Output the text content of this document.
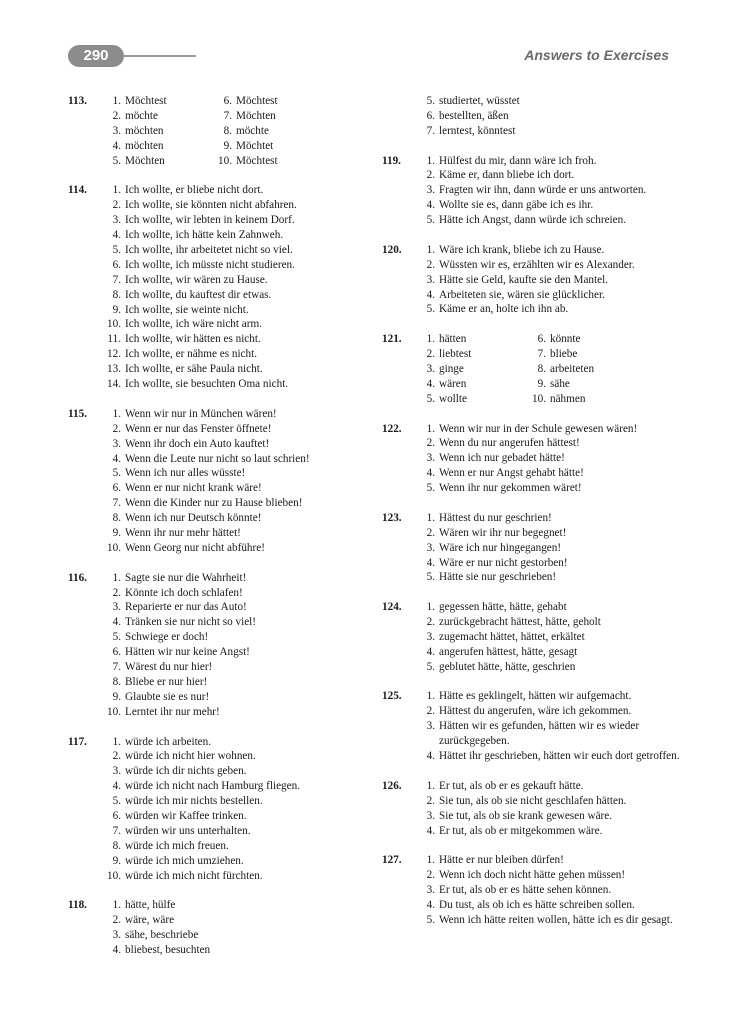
290	Answers to Exercises
113.	1. Möchtest	6. Möchtest
2. möchte	7. Möchten
3. möchten	8. möchte
4. möchten	9. Möchtet
5. Möchten	10. Möchtest
114.	1. Ich wollte, er bliebe nicht dort.
2. Ich wollte, sie könnten nicht abfahren.
3. Ich wollte, wir lebten in keinem Dorf.
4. Ich wollte, ich hätte kein Zahnweh.
5. Ich wollte, ihr arbeitetet nicht so viel.
6. Ich wollte, ich müsste nicht studieren.
7. Ich wollte, wir wären zu Hause.
8. Ich wollte, du kauftest dir etwas.
9. Ich wollte, sie weinte nicht.
10. Ich wollte, ich wäre nicht arm.
11. Ich wollte, wir hätten es nicht.
12. Ich wollte, er nähme es nicht.
13. Ich wollte, er sähe Paula nicht.
14. Ich wollte, sie besuchten Oma nicht.
115.	1. Wenn wir nur in München wären!
2. Wenn er nur das Fenster öffnete!
3. Wenn ihr doch ein Auto kauftet!
4. Wenn die Leute nur nicht so laut schrien!
5. Wenn ich nur alles wüsste!
6. Wenn er nur nicht krank wäre!
7. Wenn die Kinder nur zu Hause blieben!
8. Wenn ich nur Deutsch könnte!
9. Wenn ihr nur mehr hättet!
10. Wenn Georg nur nicht abführe!
116.	1. Sagte sie nur die Wahrheit!
2. Könnte ich doch schlafen!
3. Reparierte er nur das Auto!
4. Tränken sie nur nicht so viel!
5. Schwiege er doch!
6. Hätten wir nur keine Angst!
7. Wärest du nur hier!
8. Bliebe er nur hier!
9. Glaubte sie es nur!
10. Lerntet ihr nur mehr!
117.	1. würde ich arbeiten.
2. würde ich nicht hier wohnen.
3. würde ich dir nichts geben.
4. würde ich nicht nach Hamburg fliegen.
5. würde ich mir nichts bestellen.
6. würden wir Kaffee trinken.
7. würden wir uns unterhalten.
8. würde ich mich freuen.
9. würde ich mich umziehen.
10. würde ich mich nicht fürchten.
118.	1. hätte, hülfe
2. wäre, wäre
3. sähe, beschriebe
4. bliebest, besuchten
5. studiertet, wüsstet
6. bestellten, äßen
7. lerntest, könntest
119.	1. Hülfest du mir, dann wäre ich froh.
2. Käme er, dann bliebe ich dort.
3. Fragten wir ihn, dann würde er uns antworten.
4. Wollte sie es, dann gäbe ich es ihr.
5. Hätte ich Angst, dann würde ich schreien.
120.	1. Wäre ich krank, bliebe ich zu Hause.
2. Wüssten wir es, erzählten wir es Alexander.
3. Hätte sie Geld, kaufte sie den Mantel.
4. Arbeiteten sie, wären sie glücklicher.
5. Käme er an, holte ich ihn ab.
121.	1. hätten	6. könnte
2. liebtest	7. bliebe
3. ginge	8. arbeiteten
4. wären	9. sähe
5. wollte	10. nähmen
122.	1. Wenn wir nur in der Schule gewesen wären!
2. Wenn du nur angerufen hättest!
3. Wenn ich nur gebadet hätte!
4. Wenn er nur Angst gehabt hätte!
5. Wenn ihr nur gekommen wäret!
123.	1. Hättest du nur geschrien!
2. Wären wir ihr nur begegnet!
3. Wäre ich nur hingegangen!
4. Wäre er nur nicht gestorben!
5. Hätte sie nur geschrieben!
124.	1. gegessen hätte, hätte, gehabt
2. zurückgebracht hättest, hätte, geholt
3. zugemacht hättet, hättet, erkältet
4. angerufen hättest, hätte, gesagt
5. geblutet hätte, hätte, geschrien
125.	1. Hätte es geklingelt, hätten wir aufgemacht.
2. Hättest du angerufen, wäre ich gekommen.
3. Hätten wir es gefunden, hätten wir es wieder zurückgegeben.
4. Hättet ihr geschrieben, hätten wir euch dort getroffen.
126.	1. Er tut, als ob er es gekauft hätte.
2. Sie tun, als ob sie nicht geschlafen hätten.
3. Sie tut, als ob sie krank gewesen wäre.
4. Er tut, als ob er mitgekommen wäre.
127.	1. Hätte er nur bleiben dürfen!
2. Wenn ich doch nicht hätte gehen müssen!
3. Er tut, als ob er es hätte sehen können.
4. Du tust, als ob ich es hätte schreiben sollen.
5. Wenn ich hätte reiten wollen, hätte ich es dir gesagt.
